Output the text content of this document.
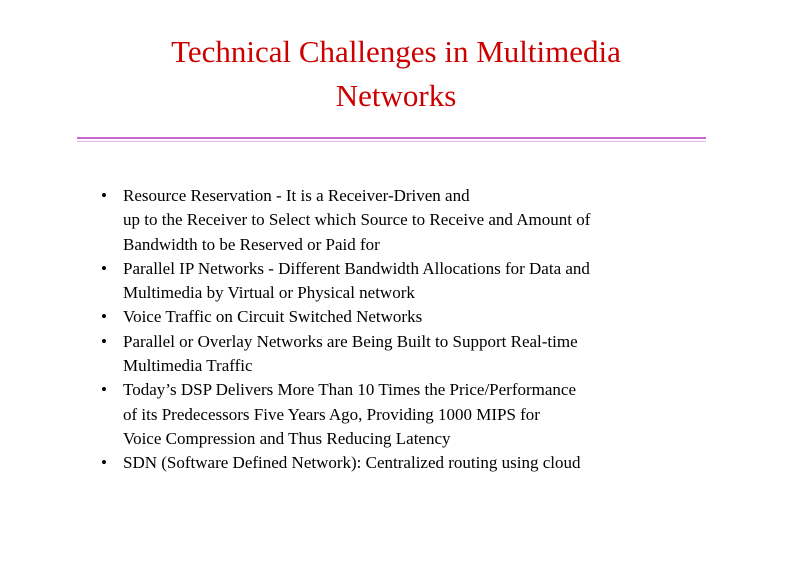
Technical Challenges in Multimedia
Networks
• Resource Reservation - It is a Receiver-Driven and
up to the Receiver to Select which Source to Receive and Amount of
Bandwidth to be Reserved or Paid for
• Parallel IP Networks - Different Bandwidth Allocations for Data and
Multimedia by Virtual or Physical network
• Voice Traffic on Circuit Switched Networks
• Parallel or Overlay Networks are Being Built to Support Real-time
Multimedia Traffic
• Today’s DSP Delivers More Than 10 Times the Price/Performance
of its Predecessors Five Years Ago, Providing 1000 MIPS for
Voice Compression and Thus Reducing Latency
• SDN (Software Defined Network): Centralized routing using cloud
